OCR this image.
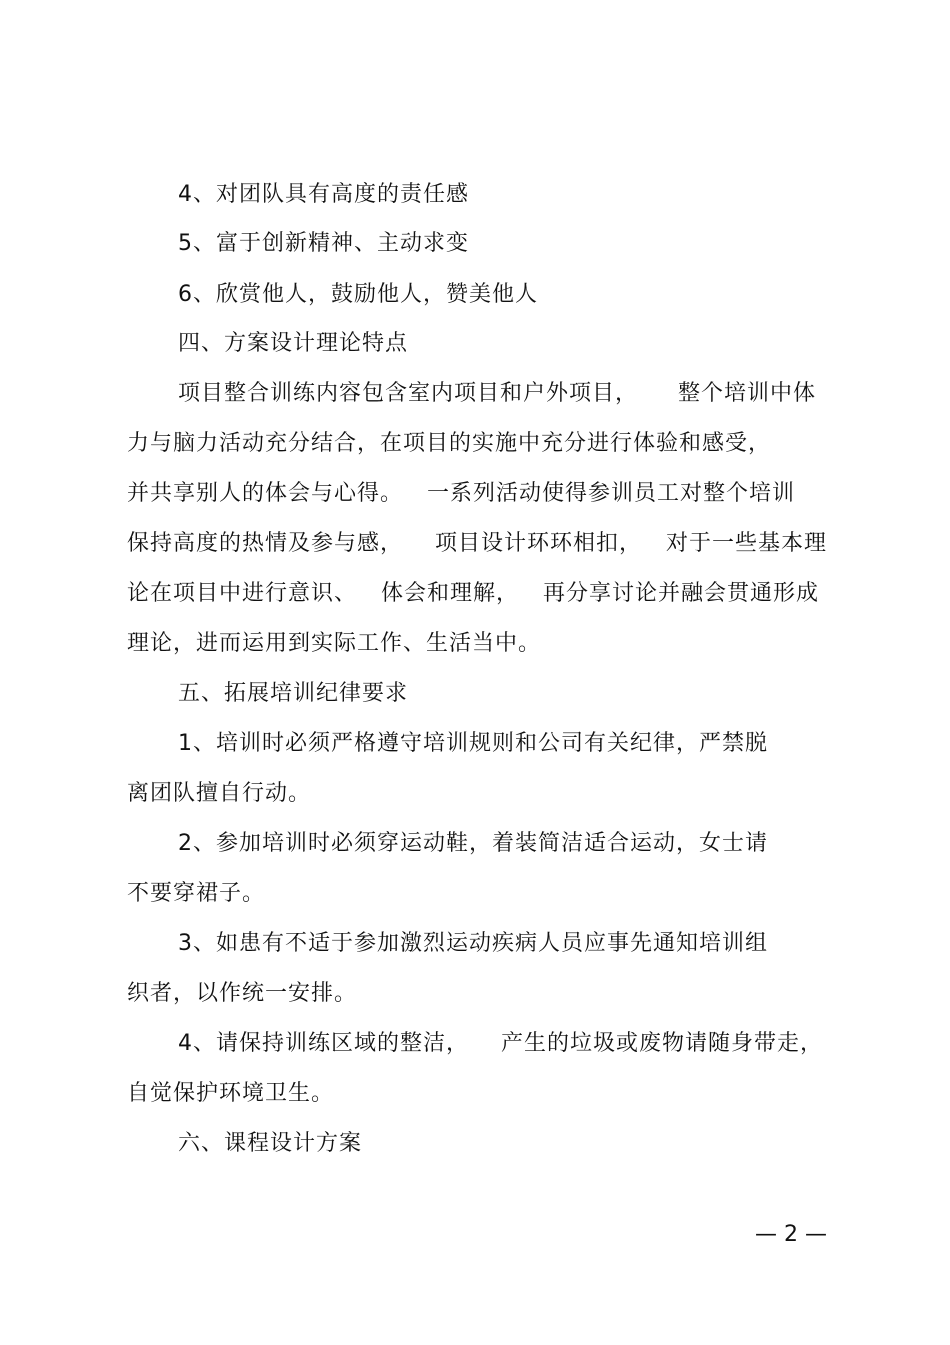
4、对团队具有高度的责任感
5、富于创新精神、主动求变
6、欣赏他人，鼓励他人，赞美他人
四、方案设计理论特点
项目整合训练内容包含室内项目和户外项目，     整个培训中体
力与脑力活动充分结合，在项目的实施中充分进行体验和感受，
并共享别人的体会与心得。   一系列活动使得参训员工对整个培训
保持高度的热情及参与感，    项目设计环环相扣，   对于一些基本理
论在项目中进行意识、   体会和理解，   再分享讨论并融会贯通形成
理论，进而运用到实际工作、生活当中。
五、拓展培训纪律要求
1、培训时必须严格遵守培训规则和公司有关纪律，严禁脱
离团队擅自行动。
2、参加培训时必须穿运动鞋，着装简洁适合运动，女士请
不要穿裙子。
3、如患有不适于参加激烈运动疾病人员应事先通知培训组
织者，以作统一安排。
4、请保持训练区域的整洁，    产生的垃圾或废物请随身带走，
自觉保护环境卫生。
六、课程设计方案
— 2 —
